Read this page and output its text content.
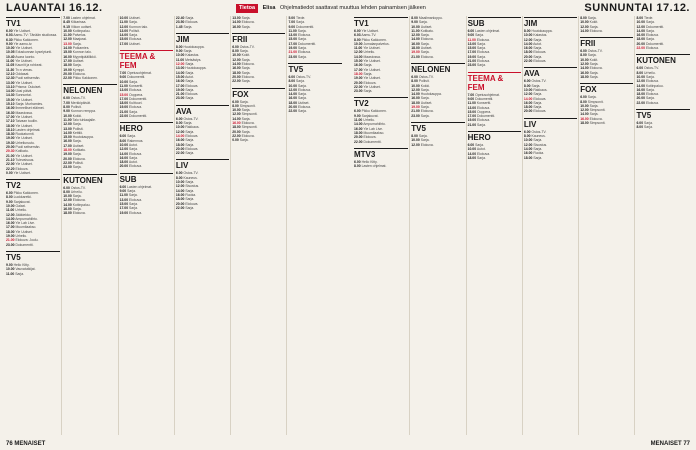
LAUANTAI 16.12.	Tietoa Elisa Ohjelmatiedot saattavat muuttua lehden painamisen jälkeen	SUNNUNTAI 17.12.
TV1
6.00 Yle Uutiset.
6.03 Aamu-TV: Tänään studiossa.
6.30 Pikku Kakkonen.
9.00 Yle aamu-tv.
10.00 Yle Uutiset.
10.05 Eduskunnan kyselytunti.
10.40 Avara luonto.
11.00 Yle Uutiset.
11.05 Kauniit ja rohkeat.
11.30 Tv:n vieras.
12.10 Oddasat.
12.30 Puoli seitsemän.
13.00 Yle Uutiset.
13.10 Prisma: Ouluiset.
14.00 Uusi päivä.
14.30 Sunnuntai.
15.00 Yle Uutiset.
15.10 Sarja: Murhamies.
16.00 Ihmeelliset eläimet.
16.30 Maastossa.
17.00 Yle Uutiset.
17.10 Taivaan tuuliin.
18.00 Yle Uutiset.
18.10 Lasten ohjelmat.
18.30 Ruokatunnit.
19.00 Yle Uutiset.
19.30 Urheiluruutu.
20.00 Puoli seitsemän.
20.30 Kotikatu.
21.00 Yle Uutiset.
21.10 Tulevaisuus.
22.00 Yle Uutiset.
22.20 Elokuva.
0.00 Yle Uutiset.
TV2
6.00 Pikku Kakkonen.
8.00 Luokkaretki.
9.00 Sarjakuvat.
10.00 Galaxi.
11.00 Urheilu.
12.00 Jääkiekko.
14.00 Ampumahiihto.
16.00 Yle Lab Live.
17.00 Muumilaakso.
18.00 Yle Uutiset.
19.00 Urheilu.
21.00 Elokuva: Joulu.
23.00 Dokumentti.
TV5
9.00 Hello Kitty.
10.00 Vauvatutkijat.
11.00 Sarja.
7.00 Lasten ohjelmat.
8.45 Kiikarissa.
9.15 Viikon uutiset.
10.00 Kotiinpaluu.
11.00 Palvelus.
12.00 Maajussi.
13.00 Sarja.
14.00 Poikamies.
15.00 Kunnon talo.
16.00 Myyntipäällikkö.
17.00 Uutiset.
18.00 Sarja.
19.00 Kymppi.
20.00 Elokuva.
22.00 Pikku Kakkonen.
NELONEN
6.00 Ostos-TV.
7.00 Merkkipäivät.
8.00 Poliisit.
9.00 Kunnon remppa.
10.00 Kokki.
11.00 Talo tuhlaajalle.
12.00 Sarja.
13.00 Poliisit.
14.00 Keittiö.
15.00 Huutokauppa.
16.00 Sarja.
17.00 Uutiset.
18.00 Kotikatu.
19.00 Sarja.
20.00 Elokuva.
22.00 Poliisit.
23.00 Sarja.
KUTONEN
6.00 Ostos-TV.
8.00 Urheilu.
10.00 Sarja.
12.00 Elokuva.
14.00 Kotiinpaluu.
16.00 Sarja.
18.00 Elokuva.
10.00 Uutiset.
11.00 Sarja.
12.00 Kunnon talo.
13.00 Poliisit.
14.00 Sarja.
15.00 Elokuva.
17.00 Uutiset.
TEEMA & FEM
7.00 Opetusohjelmat.
9.00 Dokumentti.
10.00 Sarja.
11.00 Konsertti.
13.00 Elokuva.
15.00 Ooppera.
17.00 Dokumentti.
18.00 Kulttuuri.
19.00 Elokuva.
21.00 Sarja.
22.00 Dokumentti.
HERO
6.00 Sarja.
8.00 Rakennus.
10.00 Autot.
12.00 Sarja.
14.00 Elokuva.
16.00 Sarja.
18.00 Autot.
20.00 Elokuva.
SUB
6.00 Lasten ohjelmat.
9.00 Sarja.
11.00 Sarja.
13.00 Elokuva.
15.00 Sarja.
17.00 Sarja.
19.00 Elokuva.
22.40 Sarja.
23.50 Elokuva.
1.45 Sarja.
JIM
8.00 Huutokauppa.
9.00 Sarja.
10.00 Kalastus.
11.00 Metsästys.
12.00 Sarja.
13.00 Huutokauppa.
14.00 Sarja.
15.00 Autot.
16.00 Sarja.
17.00 Elokuva.
19.00 Sarja.
21.00 Elokuva.
23.00 Sarja.
AVA
6.00 Ostos-TV.
8.00 Sarja.
10.00 Rakkaus.
12.00 Sarja.
14.00 Elokuva.
16.00 Sarja.
18.00 Sarja.
20.00 Elokuva.
22.00 Sarja.
LIV
6.00 Ostos-TV.
8.00 Kauneus.
10.00 Sarja.
12.00 Sisustus.
14.00 Sarja.
16.00 Ruoka.
18.00 Sarja.
20.00 Elokuva.
22.00 Sarja.
13.00 Sarja.
14.00 Elokuva.
16.00 Sarja.
FRII
6.00 Ostos-TV.
8.00 Sarja.
10.00 Kokit.
12.00 Sarja.
14.00 Elokuva.
16.00 Sarja.
18.00 Sarja.
20.00 Elokuva.
22.00 Sarja.
FOX
6.00 Sarja.
8.00 Simpsonit.
10.00 Sarja.
12.00 Simpsonit.
14.00 Sarja.
16.00 Elokuva.
18.00 Simpsonit.
20.00 Sarja.
22.00 Elokuva.
0.00 Sarja.
5.00 Tiede.
7.00 Sarja.
9.00 Dokumentti.
11.00 Sarja.
13.00 Elokuva.
15.00 Sarja.
17.00 Dokumentti.
19.00 Sarja.
21.00 Elokuva.
23.00 Sarja.
TV5
6.00 Ostos-TV.
8.00 Sarja.
10.00 Sarja.
12.00 Elokuva.
14.00 Sarja.
16.00 Sarja.
18.00 Uutiset.
20.00 Elokuva.
22.00 Sarja.
TV1
6.00 Yle Uutiset.
6.03 Aamu-TV.
8.00 Pikku Kakkonen.
10.00 Jumalanpalvelus.
11.00 Yle Uutiset.
12.00 Urheilu.
14.00 Maastossa.
15.00 Yle Uutiset.
16.00 Sarja.
17.00 Yle Uutiset.
18.00 Sarja.
19.00 Yle Uutiset.
20.00 Elokuva.
22.00 Yle Uutiset.
23.00 Sarja.
TV2
6.00 Pikku Kakkonen.
9.00 Sarjakuvat.
11.00 Urheilu.
14.00 Ampumahiihto.
16.00 Yle Lab Live.
18.00 Muumilaakso.
20.00 Elokuva.
22.00 Dokumentti.
MTV3
6.00 Hello Kitty.
8.00 Lasten ohjelmat.
8.00 Maailmanloppu.
9.00 Sarja.
10.00 Uutiset.
11.00 Kotikatu.
12.00 Sarja.
14.00 Elokuva.
16.00 Sarja.
18.00 Uutiset.
19.00 Sarja.
21.00 Elokuva.
NELONEN
6.00 Ostos-TV.
8.00 Poliisit.
10.00 Kokki.
12.00 Sarja.
14.00 Huutokauppa.
16.00 Sarja.
18.00 Uutiset.
19.00 Sarja.
21.00 Elokuva.
23.00 Sarja.
TV5
8.00 Sarja.
10.00 Sarja.
12.00 Elokuva.
SUB
6.00 Lasten ohjelmat.
9.00 Sarja.
11.00 Elokuva.
13.00 Sarja.
15.00 Sarja.
17.00 Elokuva.
19.00 Sarja.
21.00 Elokuva.
23.00 Sarja.
TEEMA & FEM
7.00 Opetusohjelmat.
9.00 Dokumentti.
11.00 Konsertti.
13.00 Elokuva.
15.00 Ooppera.
17.00 Dokumentti.
19.00 Elokuva.
21.00 Sarja.
HERO
6.00 Sarja.
10.00 Autot.
14.00 Elokuva.
18.00 Sarja.
JIM
8.00 Huutokauppa.
10.00 Kalastus.
12.00 Sarja.
14.00 Autot.
16.00 Sarja.
18.00 Elokuva.
20.00 Sarja.
22.00 Elokuva.
AVA
6.00 Ostos-TV.
8.00 Sarja.
10.00 Rakkaus.
12.00 Sarja.
14.00 Elokuva.
16.00 Sarja.
18.00 Sarja.
20.00 Elokuva.
LIV
6.00 Ostos-TV.
8.00 Kauneus.
10.00 Sarja.
12.00 Sisustus.
14.00 Sarja.
16.00 Ruoka.
18.00 Sarja.
8.00 Sarja.
10.00 Kokit.
12.00 Sarja.
14.00 Elokuva.
FRII
6.00 Ostos-TV.
8.00 Sarja.
10.00 Kokit.
12.00 Sarja.
14.00 Elokuva.
16.00 Sarja.
18.00 Sarja.
FOX
6.00 Sarja.
8.00 Simpsonit.
10.00 Sarja.
12.00 Simpsonit.
14.00 Sarja.
16.00 Elokuva.
18.00 Simpsonit.
8.00 Tiede.
10.00 Sarja.
12.00 Dokumentti.
14.00 Sarja.
16.00 Elokuva.
18.00 Sarja.
20.00 Dokumentti.
22.00 Elokuva.
KUTONEN
6.00 Ostos-TV.
8.00 Urheilu.
10.00 Sarja.
12.00 Elokuva.
14.00 Kotiinpaluu.
16.00 Sarja.
18.00 Elokuva.
20.00 Sarja.
22.00 Elokuva.
TV5
6.00 Sarja.
8.00 Sarja.
76 MENAISET	MENAISET 77
